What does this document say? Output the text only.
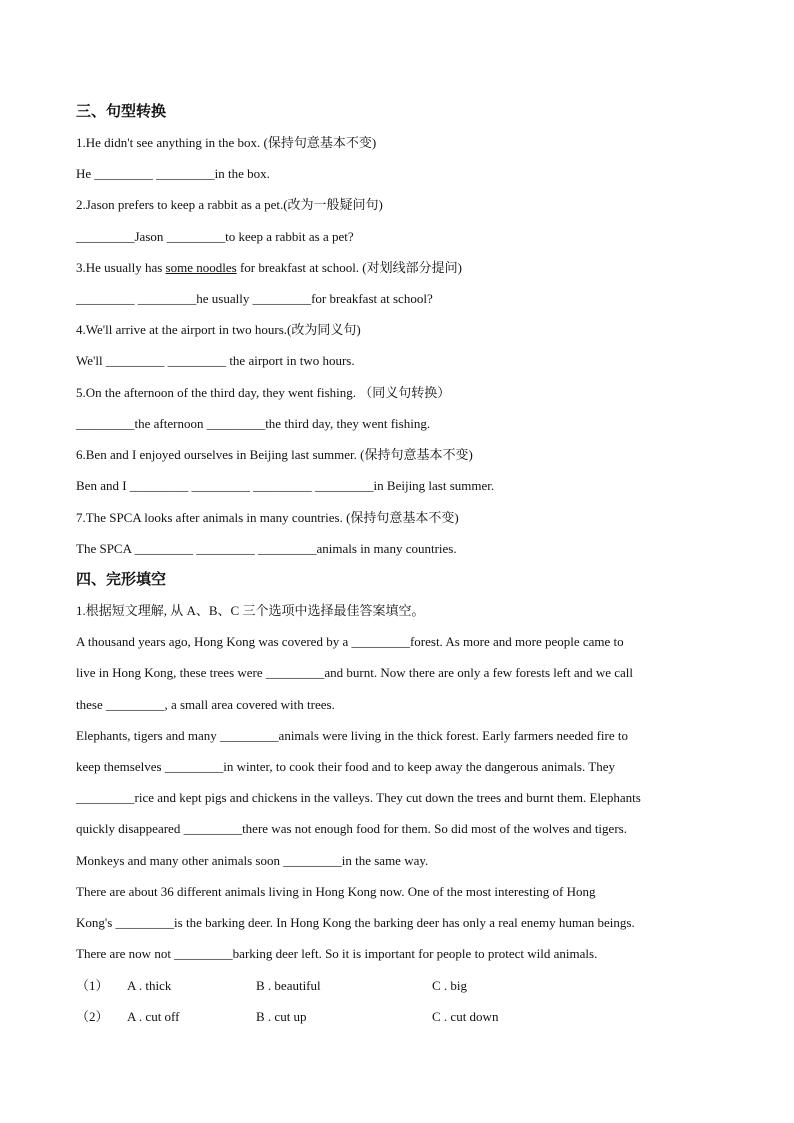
三、句型转换
1.He didn't see anything in the box. (保持句意基本不变)
He _________ _________in the box.
2.Jason prefers to keep a rabbit as a pet.(改为一般疑问句)
_________Jason _________to keep a rabbit as a pet?
3.He usually has some noodles for breakfast at school. (对划线部分提问)
_________ _________he usually _________for breakfast at school?
4.We'll arrive at the airport in two hours.(改为同义句)
We'll _________ _________ the airport in two hours.
5.On the afternoon of the third day, they went fishing. （同义句转换）
_________the afternoon _________the third day, they went fishing.
6.Ben and I enjoyed ourselves in Beijing last summer. (保持句意基本不变)
Ben and I _________ _________ _________ _________in Beijing last summer.
7.The SPCA looks after animals in many countries. (保持句意基本不变)
The SPCA _________ _________ _________animals in many countries.
四、完形填空
1.根据短文理解, 从 A、B、C 三个选项中选择最佳答案填空。
A thousand years ago, Hong Kong was covered by a _________forest. As more and more people came to
live in Hong Kong, these trees were _________and burnt. Now there are only a few forests left and we call
these _________, a small area covered with trees.
Elephants, tigers and many _________animals were living in the thick forest. Early farmers needed fire to
keep themselves _________in winter, to cook their food and to keep away the dangerous animals. They
_________rice and kept pigs and chickens in the valleys. They cut down the trees and burnt them. Elephants
quickly disappeared _________there was not enough food for them. So did most of the wolves and tigers.
Monkeys and many other animals soon _________in the same way.
There are about 36 different animals living in Hong Kong now. One of the most interesting of Hong
Kong's _________is the barking deer. In Hong Kong the barking deer has only a real enemy human beings.
There are now not _________barking deer left. So it is important for people to protect wild animals.
（1） A . thick	B . beautiful	C . big
（2） A . cut off	B . cut up	C . cut down
